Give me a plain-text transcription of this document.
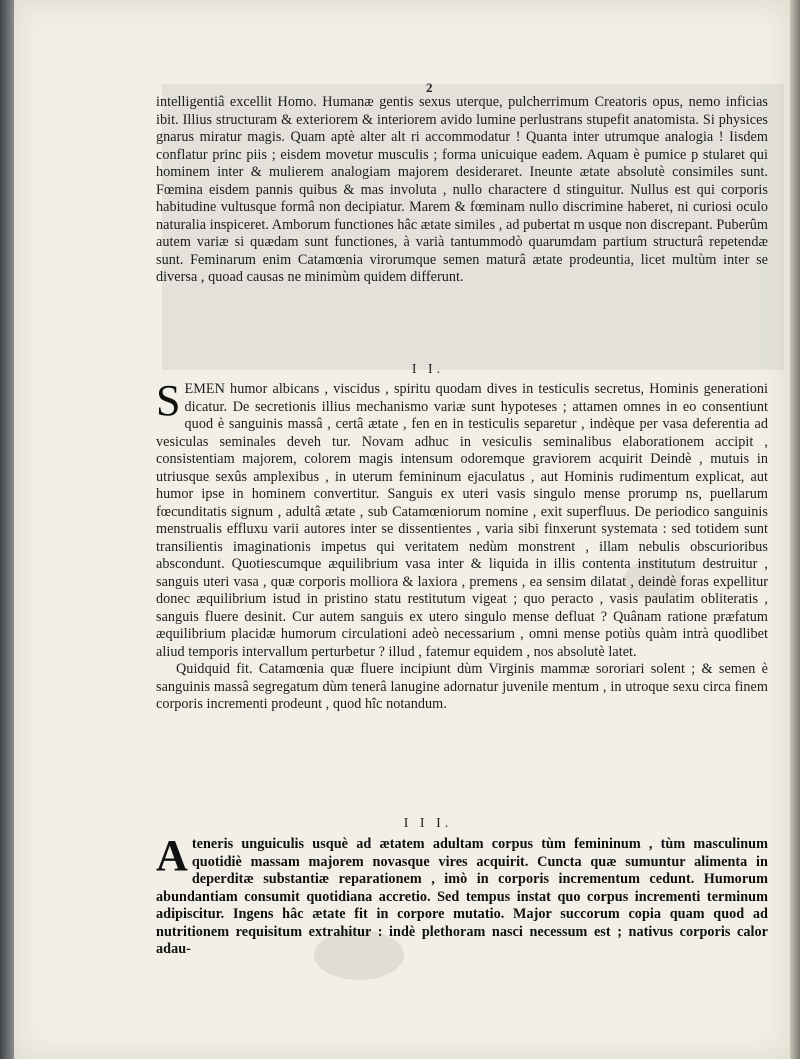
2

intelligentiâ excellit Homo. Humanæ gentis sexus uterque, pulcherrimum Creatoris opus, nemo inficias ibit. Illius structuram & exteriorem & interiorem avido lumine perlustrans stupefit anatomista. Si physices gnarus miratur magis. Quam aptè alter alt ri accommodatur ! Quanta inter utrumque analogia ! Iisdem conflatur princ piis ; eisdem movetur musculis ; forma unicuique eadem. Aquam è pumice p stularet qui hominem inter & mulierem analogiam majorem desideraret. Ineunte ætate absolutè consimiles sunt. Fœmina eisdem pannis quibus & mas involuta , nullo charactere d stinguitur. Nullus est qui corporis habitudine vultusque formâ non decipiatur. Marem & fœminam nullo discrimine haberet, ni curiosi oculo naturalia inspiceret. Amborum functiones hâc ætate similes , ad pubertat m usque non discrepant. Puberûm autem variæ si quædam sunt functiones, à varià tantummodò quarumdam partium structurâ repetendæ sunt. Feminarum enim Catamœnia virorumque semen maturâ ætate prodeuntia, licet multùm inter se diversa , quoad causas ne minimùm quidem differunt.

I I.
S EMEN humor albicans , viscidus , spiritu quodam dives in testiculis secretus, Hominis generationi dicatur. De secretionis illius mechanismo variæ sunt hypoteses ; attamen omnes in eo consentiunt quod è sanguinis massâ , certâ ætate , fen en in testiculis separetur , indèque per vasa deferentia ad vesiculas seminales deveh tur. Novam adhuc in vesiculis seminalibus elaborationem accipit , consistentiam majorem, colorem magis intensum odoremque graviorem acquirit Deindè , mutuis in utriusque sexûs amplexibus , in uterum femininum ejaculatus , aut Hominis rudimentum explicat, aut humor ipse in hominem convertitur. Sanguis ex uteri vasis singulo mense prorump ns, puellarum fœcunditatis signum , adultâ ætate , sub Catamœniorum nomine , exit superfluus. De periodico sanguinis menstrualis effluxu varii autores inter se dissentientes , varia sibi finxerunt systemata : sed totidem sunt transilientis imaginationis impetus qui veritatem nedùm monstrent , illam nebulis obscurioribus abscondunt. Quotiescumque æquilibrium vasa inter & liquida in illis contenta institutum destruitur , sanguis uteri vasa , quæ corporis molliora & laxiora , premens , ea sensim dilatat , deindè foras expellitur donec æquilibrium istud in pristino statu restitutum vigeat ; quo peracto , vasis paulatim obliteratis , sanguis fluere desinit. Cur autem sanguis ex utero singulo mense defluat ? Quânam ratione præfatum æquilibrium placidæ humorum circulationi adeò necessarium , omni mense potiùs quàm intrà quodlibet aliud temporis intervallum perturbetur ? illud , fatemur equidem , nos absolutè latet.

Quidquid fit. Catamœnia quæ fluere incipiunt dùm Virginis mammæ sororiari solent ; & semen è sanguinis massâ segregatum dùm tenerâ lanugine adornatur juvenile mentum , in utroque sexu circa finem corporis incrementi prodeunt , quod hîc notandum.

I I I.
A teneris unguiculis usquè ad ætatem adultam corpus tùm femininum , tùm masculinum quotidiè massam majorem novasque vires acquirit. Cuncta quæ sumuntur alimenta in deperditæ substantiæ reparationem , imò in corporis incrementum cedunt. Humorum abundantiam consumit quotidiana accretio. Sed tempus instat quo corpus incrementi terminum adipiscitur. Ingens hâc ætate fit in corpore mutatio. Major succorum copia quam quod ad nutritionem requisitum extrahitur : indè plethoram nasci necessum est ; nativus corporis calor adau-
